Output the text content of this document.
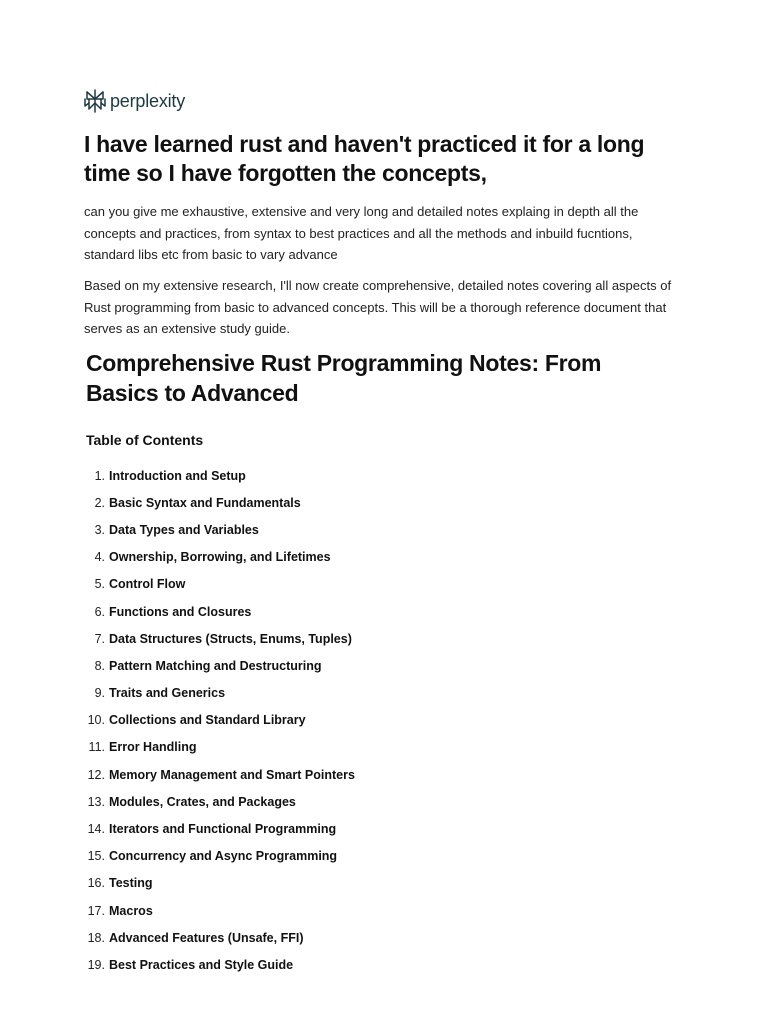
perplexity
I have learned rust and haven't practiced it for a long time so I have forgotten the concepts,

can you give me exhaustive, extensive and very long and detailed notes explaing in depth all the concepts and practices, from syntax to best practices and all the methods and inbuild fucntions, standard libs etc from basic to vary advance

Based on my extensive research, I'll now create comprehensive, detailed notes covering all aspects of Rust programming from basic to advanced concepts. This will be a thorough reference document that serves as an extensive study guide.

Comprehensive Rust Programming Notes: From Basics to Advanced
Table of Contents
1. Introduction and Setup
2. Basic Syntax and Fundamentals
3. Data Types and Variables
4. Ownership, Borrowing, and Lifetimes
5. Control Flow
6. Functions and Closures
7. Data Structures (Structs, Enums, Tuples)
8. Pattern Matching and Destructuring
9. Traits and Generics
10. Collections and Standard Library
11. Error Handling
12. Memory Management and Smart Pointers
13. Modules, Crates, and Packages
14. Iterators and Functional Programming
15. Concurrency and Async Programming
16. Testing
17. Macros
18. Advanced Features (Unsafe, FFI)
19. Best Practices and Style Guide
